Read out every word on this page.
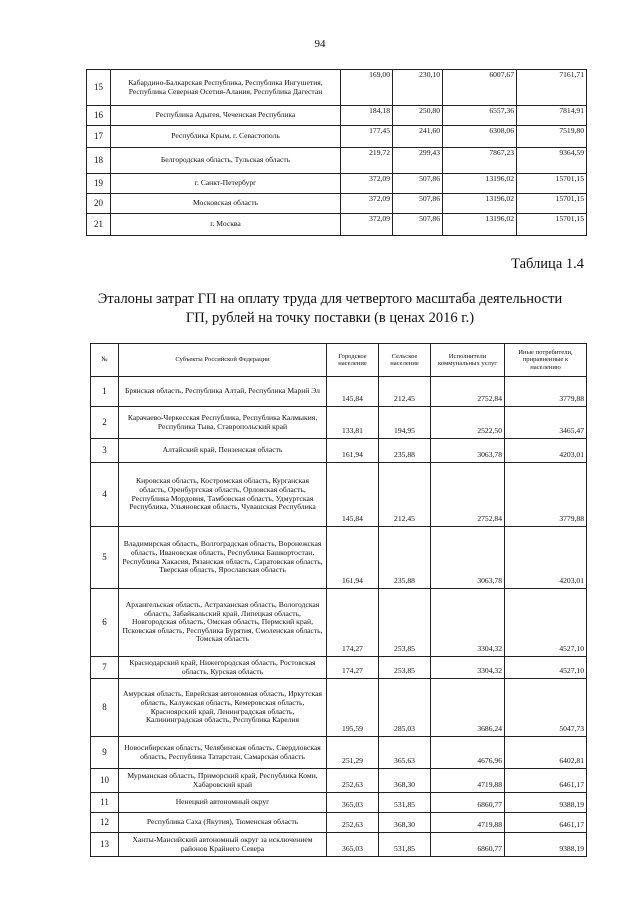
94
15	Кабардино-Балкарская Республика, Республика Ингушетия, Республика Северная Осетия-Алания, Республика Дагестан	169,00	230,10	6007,67	7161,71
16	Республика Адыгея, Чеченская Республика	184,18	250,80	6557,36	7814,91
17	Республика Крым, г. Севастополь	177,45	241,60	6308,06	7519,80
18	Белгородская область, Тульская область	219,72	299,43	7867,23	9364,59
19	г. Санкт-Петербург	372,09	507,86	13196,02	15701,15
20	Московская область	372,09	507,86	13196,02	15701,15
21	г. Москва	372,09	507,86	13196,02	15701,15
Таблица 1.4
Эталоны затрат ГП на оплату труда для четвертого масштаба деятельности
ГП, рублей на точку поставки (в ценах 2016 г.)
№	Субъекты Российской Федерации	Городское население	Сельское население	Исполнители коммунальных услуг	Иные потребители, приравненные к населению
1	Брянская область, Республика Алтай, Республика Марий Эл	145,84	212,45	2752,84	3779,88
2	Карачаево-Черкесская Республика, Республика Калмыкия, Республика Тыва, Ставропольский край	133,81	194,95	2522,50	3465,47
3	Алтайский край, Пензенская область	161,94	235,88	3063,78	4203,01
4	Кировская область, Костромская область, Курганская область, Оренбургская область, Орловская область, Республика Мордовия, Тамбовская область, Удмуртская Республика, Ульяновская область, Чувашская Республика	145,84	212,45	2752,84	3779,88
5	Владимирская область, Волгоградская область, Воронежская область, Ивановская область, Республика Башкортостан, Республика Хакасия, Рязанская область, Саратовская область, Тверская область, Ярославская область	161,94	235,88	3063,78	4203,01
6	Архангельская область, Астраханская область, Вологодская область, Забайкальский край, Липецкая область, Новгородская область, Омская область, Пермский край, Псковская область, Республика Бурятия, Смоленская область, Томская область	174,27	253,85	3304,32	4527,10
7	Краснодарский край, Нижегородская область, Ростовская область, Курская область	174,27	253,85	3304,32	4527,10
8	Амурская область, Еврейская автономная область, Иркутская область, Калужская область, Кемеровская область, Красноярский край, Ленинградская область, Калининградская область, Республика Карелия	195,59	285,03	3686,24	5047,73
9	Новосибирская область, Челябинская область, Свердловская область, Республика Татарстан, Самарская область	251,29	365,63	4676,96	6402,81
10	Мурманская область, Приморский край, Республика Коми, Хабаровский край	252,63	368,30	4719,88	6461,17
11	Ненецкий автономный округ	365,03	531,85	6860,77	9388,19
12	Республика Саха (Якутия), Тюменская область	252,63	368,30	4719,88	6461,17
13	Ханты-Мансийский автономный округ за исключением районов Крайнего Севера	365,03	531,85	6860,77	9388,19
